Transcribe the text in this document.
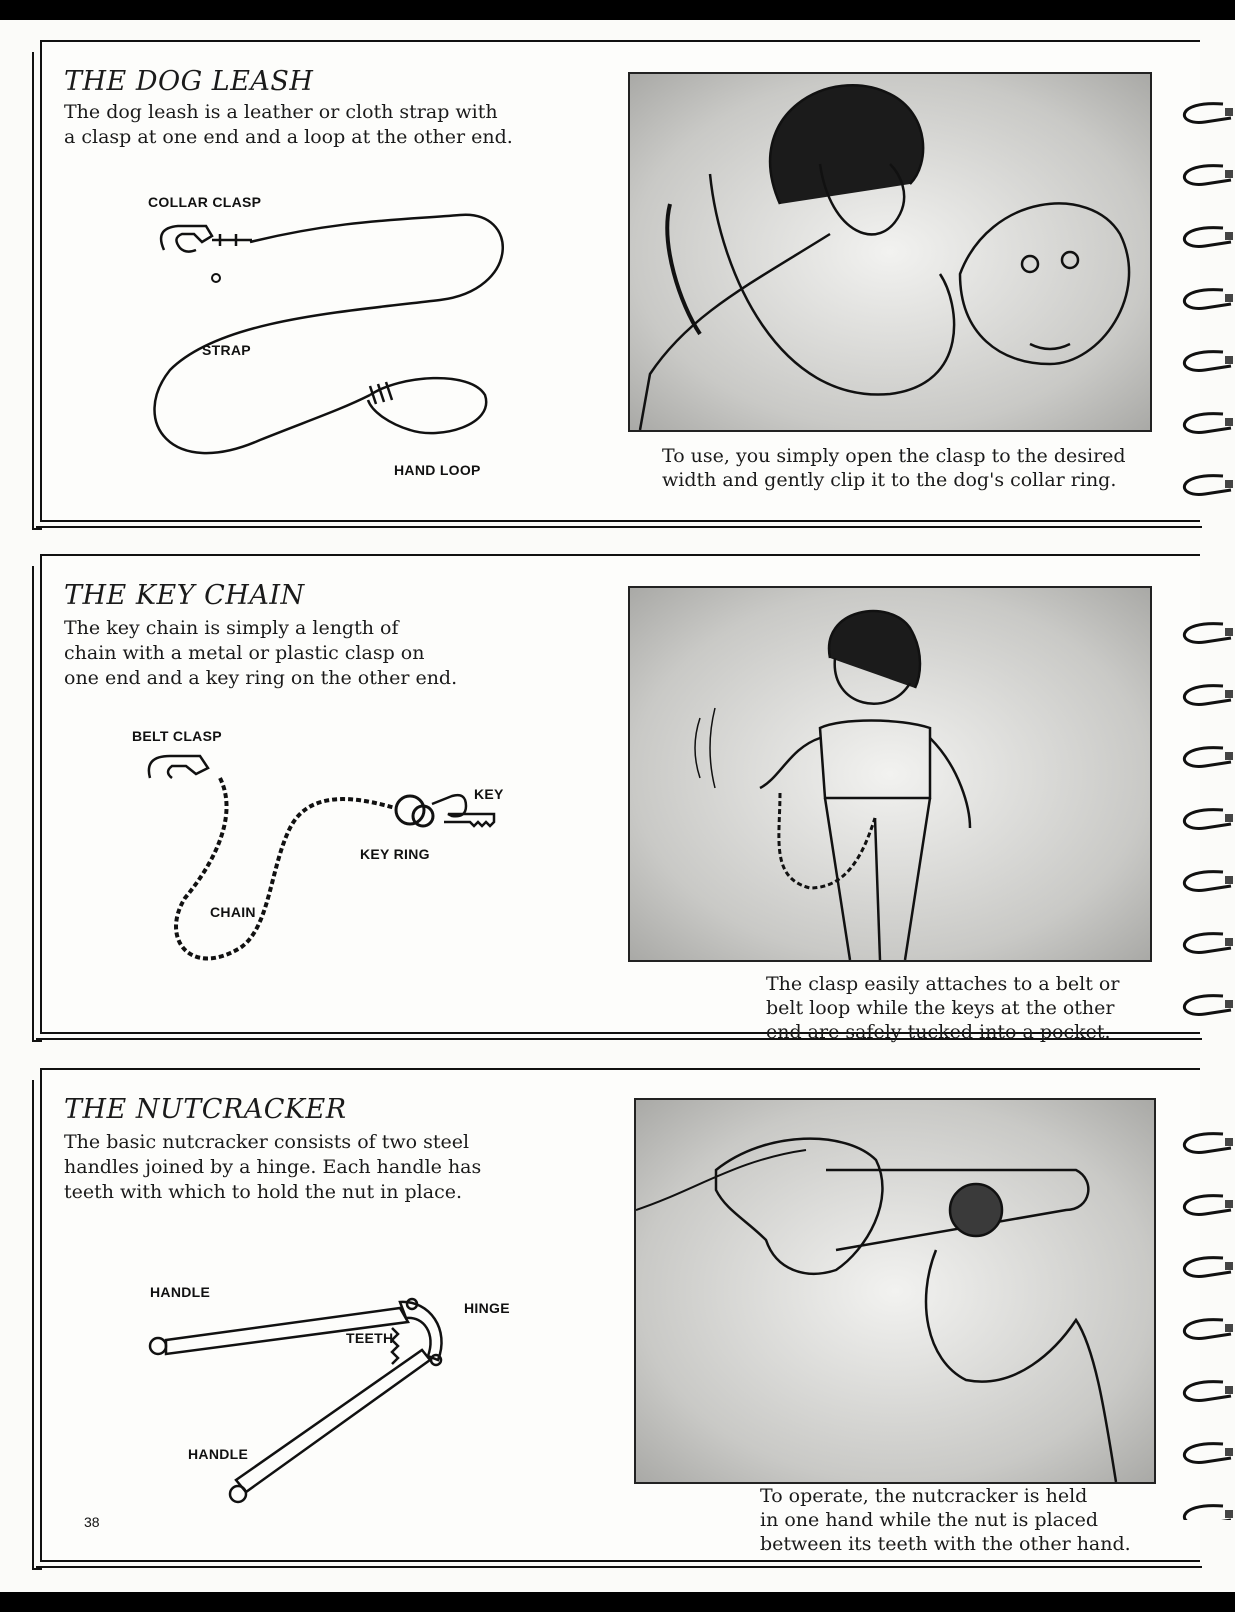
THE DOG LEASH

The dog leash is a leather or cloth strap with
a clasp at one end and a loop at the other end.

COLLAR CLASP
STRAP
HAND LOOP

To use, you simply open the clasp to the desired
width and gently clip it to the dog's collar ring.

THE KEY CHAIN

The key chain is simply a length of
chain with a metal or plastic clasp on
one end and a key ring on the other end.

BELT CLASP
KEY
KEY RING
CHAIN

The clasp easily attaches to a belt or
belt loop while the keys at the other
end are safely tucked into a pocket.

THE NUTCRACKER

The basic nutcracker consists of two steel
handles joined by a hinge. Each handle has
teeth with which to hold the nut in place.

HANDLE
HINGE
TEETH
HANDLE

To operate, the nutcracker is held
in one hand while the nut is placed
between its teeth with the other hand.

38
